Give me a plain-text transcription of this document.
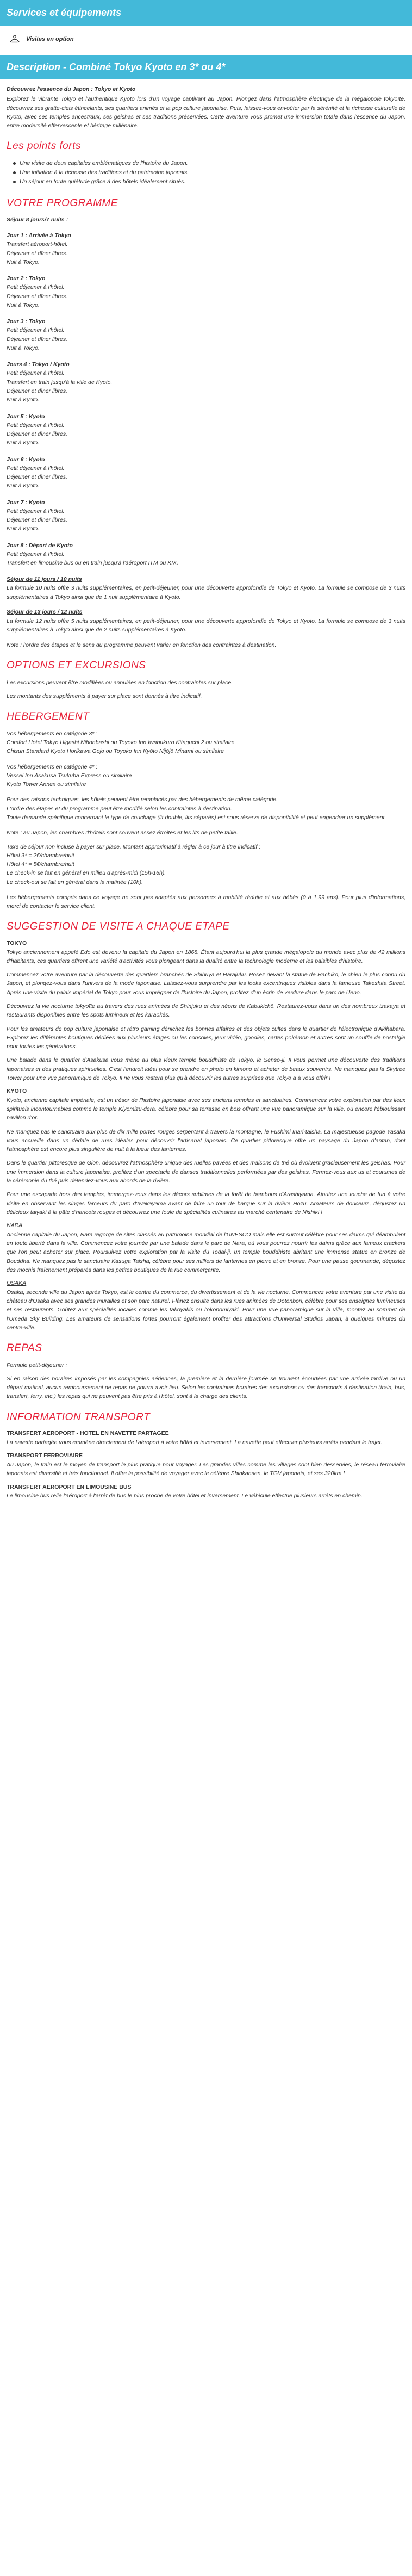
Services et équipements
Visites en option
Description - Combiné Tokyo Kyoto en 3* ou 4*

Découvrez l'essence du Japon : Tokyo et Kyoto

Explorez le vibrante Tokyo et l'authentique Kyoto lors d'un voyage captivant au Japon. Plongez dans l'atmosphère électrique de la mégalopole tokyoïte, découvrez ses gratte-ciels étincelants, ses quartiers animés et la pop culture japonaise. Puis, laissez-vous envoûter par la sérénité et la richesse culturelle de Kyoto, avec ses temples ancestraux, ses geishas et ses traditions préservées. Cette aventure vous promet une immersion totale dans l'essence du Japon, entre modernité effervescente et héritage millénaire.

Les points forts
Une visite de deux capitales emblématiques de l'histoire du Japon.
Une initiation à la richesse des traditions et du patrimoine japonais.
Un séjour en toute quiétude grâce à des hôtels idéalement situés.
VOTRE PROGRAMME
Séjour 8 jours/7 nuits :
Jour 1 : Arrivée à Tokyo
Transfert aéroport-hôtel.
Déjeuner et dîner libres.
Nuit à Tokyo.
Jour 2 : Tokyo
Petit déjeuner à l'hôtel.
Déjeuner et dîner libres.
Nuit à Tokyo.
Jour 3 : Tokyo
Petit déjeuner à l'hôtel.
Déjeuner et dîner libres.
Nuit à Tokyo.
Jours 4 : Tokyo / Kyoto
Petit déjeuner à l'hôtel.
Transfert en train jusqu'à la ville de Kyoto.
Déjeuner et dîner libres.
Nuit à Kyoto.
Jour 5 : Kyoto
Petit déjeuner à l'hôtel.
Déjeuner et dîner libres.
Nuit à Kyoto.
Jour 6 : Kyoto
Petit déjeuner à l'hôtel.
Déjeuner et dîner libres.
Nuit à Kyoto.
Jour 7 : Kyoto
Petit déjeuner à l'hôtel.
Déjeuner et dîner libres.
Nuit à Kyoto.
Jour 8 : Départ de Kyoto
Petit déjeuner à l'hôtel.
Transfert en limousine bus ou en train jusqu'à l'aéroport ITM ou KIX.
Séjour de 11 jours / 10 nuits

La formule 10 nuits offre 3 nuits supplémentaires, en petit-déjeuner, pour une découverte approfondie de Tokyo et Kyoto. La formule se compose de 3 nuits supplémentaires à Tokyo ainsi que de 1 nuit supplémentaire à Kyoto.

Séjour de 13 jours / 12 nuits

La formule 12 nuits offre 5 nuits supplémentaires, en petit-déjeuner, pour une découverte approfondie de Tokyo et Kyoto. La formule se compose de 3 nuits supplémentaires à Tokyo ainsi que de 2 nuits supplémentaires à Kyoto.

Note : l'ordre des étapes et le sens du programme peuvent varier en fonction des contraintes à destination.

OPTIONS ET EXCURSIONS

Les excursions peuvent être modifiées ou annulées en fonction des contraintes sur place.

Les montants des suppléments à payer sur place sont donnés à titre indicatif.

HEBERGEMENT
Vos hébergements en catégorie 3* :
Comfort Hotel Tokyo Higashi Nihonbashi ou Toyoko Inn Iwabukuro Kitaguchi 2 ou similaire
Chisun Standard Kyoto Horikawa Gojo ou Toyoko Inn Kyōto Nijōjō Minami ou similaire
Vos hébergements en catégorie 4* :
Vessel Inn Asakusa Tsukuba Express ou similaire
Kyoto Tower Annex ou similaire
Pour des raisons techniques, les hôtels peuvent être remplacés par des hébergements de même catégorie.
L'ordre des étapes et du programme peut être modifié selon les contraintes à destination.
Toute demande spécifique concernant le type de couchage (lit double, lits séparés) est sous réserve de disponibilité et peut engendrer un supplément.

Note : au Japon, les chambres d'hôtels sont souvent assez étroites et les lits de petite taille.

Taxe de séjour non incluse à payer sur place. Montant approximatif à régler à ce jour à titre indicatif :
Hôtel 3* = 2€/chambre/nuit
Hôtel 4* = 5€/chambre/nuit
Le check-in se fait en général en milieu d'après-midi (15h-16h).
Le check-out se fait en général dans la matinée (10h).

Les hébergements compris dans ce voyage ne sont pas adaptés aux personnes à mobilité réduite et aux bébés (0 à 1,99 ans). Pour plus d'informations, merci de contacter le service client.

SUGGESTION DE VISITE A CHAQUE ETAPE
TOKYO

Tokyo anciennement appelé Edo est devenu la capitale du Japon en 1868. Étant aujourd'hui la plus grande mégalopole du monde avec plus de 42 millions d'habitants, ces quartiers offrent une variété d'activités vous plongeant dans la dualité entre la technologie moderne et les paisibles d'histoire.

Commencez votre aventure par la découverte des quartiers branchés de Shibuya et Harajuku. Posez devant la statue de Hachiko, le chien le plus connu du Japon, et plongez-vous dans l'univers de la mode japonaise. Laissez-vous surprendre par les looks excentriques visibles dans la fameuse Takeshita Street. Après une visite du palais impérial de Tokyo pour vous imprégner de l'histoire du Japon, profitez d'un écrin de verdure dans le parc de Ueno.

Découvrez la vie nocturne tokyoïte au travers des rues animées de Shinjuku et des néons de Kabukichō. Restaurez-vous dans un des nombreux izakaya et restaurants disponibles entre les spots lumineux et les karaokés.

Pour les amateurs de pop culture japonaise et rétro gaming dénichez les bonnes affaires et des objets cultes dans le quartier de l'électronique d'Akihabara. Explorez les différentes boutiques dédiées aux plusieurs étages ou les consoles, jeux vidéo, goodies, cartes pokémon et autres sont un souffle de nostalgie pour toutes les générations.

Une balade dans le quartier d'Asakusa vous mène au plus vieux temple bouddhiste de Tokyo, le Senso-ji. Il vous permet une découverte des traditions japonaises et des pratiques spirituelles. C'est l'endroit idéal pour se prendre en photo en kimono et acheter de beaux souvenirs. Ne manquez pas la Skytree Tower pour une vue panoramique de Tokyo. Il ne vous restera plus qu'à découvrir les autres surprises que Tokyo a à vous offrir !

KYOTO

Kyoto, ancienne capitale impériale, est un trésor de l'histoire japonaise avec ses anciens temples et sanctuaires. Commencez votre exploration par des lieux spirituels incontournables comme le temple Kiyomizu-dera, célèbre pour sa terrasse en bois offrant une vue panoramique sur la ville, ou encore l'éblouissant pavillon d'or.

Ne manquez pas le sanctuaire aux plus de dix mille portes rouges serpentant à travers la montagne, le Fushimi Inari-taisha. La majestueuse pagode Yasaka vous accueille dans un dédale de rues idéales pour découvrir l'artisanat japonais. Ce quartier pittoresque offre un paysage du Japon d'antan, dont l'atmosphère est encore plus singulière de nuit à la lueur des lanternes.

Dans le quartier pittoresque de Gion, découvrez l'atmosphère unique des ruelles pavées et des maisons de thé où évoluent gracieusement les geishas. Pour une immersion dans la culture japonaise, profitez d'un spectacle de danses traditionnelles performées par des geishas. Fermez-vous aux us et coutumes de la cérémonie du thé puis détendez-vous aux abords de la rivière.

Pour une escapade hors des temples, immergez-vous dans les décors sublimes de la forêt de bambous d'Arashiyama. Ajoutez une touche de fun à votre visite en observant les singes farceurs du parc d'Iwakayama avant de faire un tour de barque sur la rivière Hozu. Amateurs de douceurs, dégustez un délicieux taiyaki à la pâte d'haricots rouges et découvrez une foule de spécialités culinaires au marché centenaire de Nishiki !

NARA

Ancienne capitale du Japon, Nara regorge de sites classés au patrimoine mondial de l'UNESCO mais elle est surtout célèbre pour ses daims qui déambulent en toute liberté dans la ville. Commencez votre journée par une balade dans le parc de Nara, où vous pourrez nourrir les daims grâce aux fameux crackers que l'on peut acheter sur place. Poursuivez votre exploration par la visite du Todai-ji, un temple bouddhiste abritant une immense statue en bronze de Bouddha. Ne manquez pas le sanctuaire Kasuga Taisha, célèbre pour ses milliers de lanternes en pierre et en bronze. Pour une pause gourmande, dégustez des mochis fraîchement préparés dans les petites boutiques de la rue commerçante.

OSAKA

Osaka, seconde ville du Japon après Tokyo, est le centre du commerce, du divertissement et de la vie nocturne. Commencez votre aventure par une visite du château d'Osaka avec ses grandes murailles et son parc naturel. Flânez ensuite dans les rues animées de Dotonbori, célèbre pour ses enseignes lumineuses et ses restaurants. Goûtez aux spécialités locales comme les takoyakis ou l'okonomiyaki. Pour une vue panoramique sur la ville, montez au sommet de l'Umeda Sky Building. Les amateurs de sensations fortes pourront également profiter des attractions d'Universal Studios Japan, à quelques minutes du centre-ville.

REPAS

Formule petit-déjeuner :

Si en raison des horaires imposés par les compagnies aériennes, la première et la dernière journée se trouvent écourtées par une arrivée tardive ou un départ matinal, aucun remboursement de repas ne pourra avoir lieu. Selon les contraintes horaires des excursions ou des transports à destination (train, bus, transfert, ferry, etc.) les repas qui ne peuvent pas être pris à l'hôtel, sont à la charge des clients.

INFORMATION TRANSPORT
TRANSFERT AEROPORT - HOTEL EN NAVETTE PARTAGEE

La navette partagée vous emmène directement de l'aéroport à votre hôtel et inversement. La navette peut effectuer plusieurs arrêts pendant le trajet.

TRANSPORT FERROVIAIRE

Au Japon, le train est le moyen de transport le plus pratique pour voyager. Les grandes villes comme les villages sont bien desservies, le réseau ferroviaire japonais est diversifié et très fonctionnel. Il offre la possibilité de voyager avec le célèbre Shinkansen, le TGV japonais, et ses 320km !

TRANSFERT AEROPORT EN LIMOUSINE BUS

Le limousine bus relie l'aéroport à l'arrêt de bus le plus proche de votre hôtel et inversement. Le véhicule effectue plusieurs arrêts en chemin.
